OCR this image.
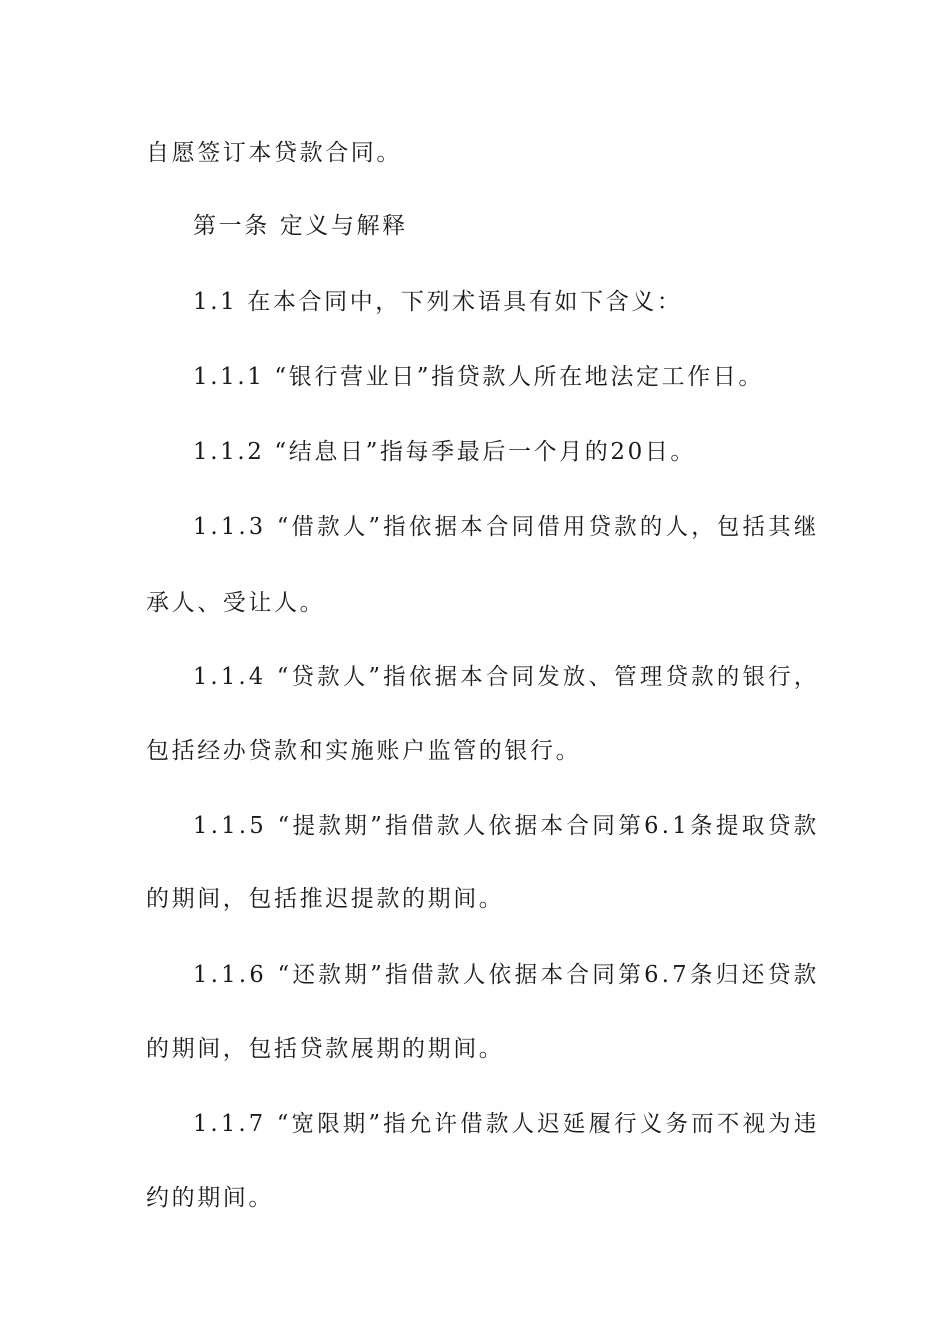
自愿签订本贷款合同。
第一条 定义与解释
1.1 在本合同中，下列术语具有如下含义：
1.1.1 “银行营业日”指贷款人所在地法定工作日。
1.1.2 “结息日”指每季最后一个月的20日。
1.1.3 “借款人”指依据本合同借用贷款的人，包括其继
承人、受让人。
1.1.4 “贷款人”指依据本合同发放、管理贷款的银行，
包括经办贷款和实施账户监管的银行。
1.1.5 “提款期”指借款人依据本合同第6.1条提取贷款
的期间，包括推迟提款的期间。
1.1.6 “还款期”指借款人依据本合同第6.7条归还贷款
的期间，包括贷款展期的期间。
1.1.7 “宽限期”指允许借款人迟延履行义务而不视为违
约的期间。
